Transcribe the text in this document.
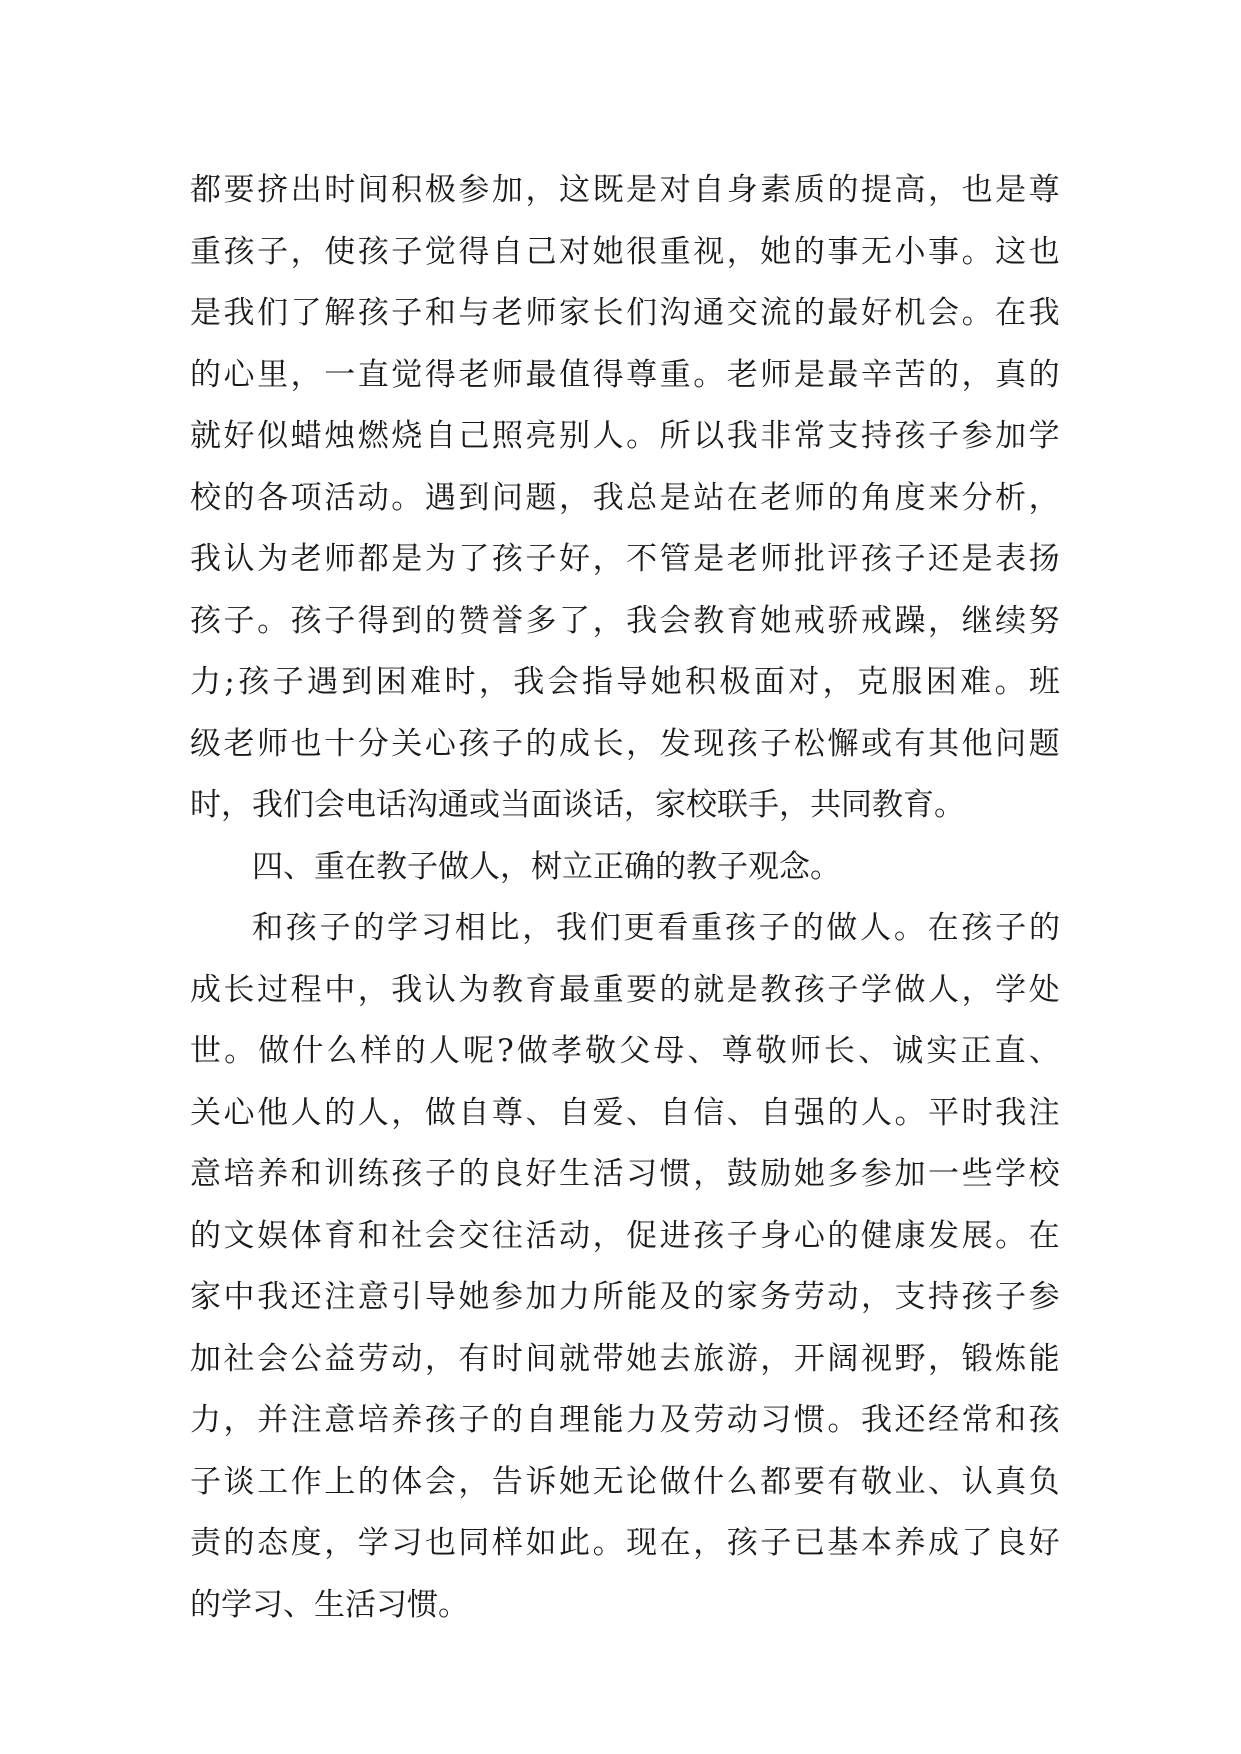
都 要 挤 出 时 间 积 极 参 加 ， 这 既 是 对 自 身 素 质 的 提 高 ， 也 是 尊
重 孩 子 ， 使 孩 子 觉 得 自 己 对 她 很 重 视 ， 她 的 事 无 小 事 。 这 也
是 我 们 了 解 孩 子 和 与 老 师 家 长 们 沟 通 交 流 的 最 好 机 会 。 在 我
的 心 里 ， 一 直 觉 得 老 师 最 值 得 尊 重 。 老 师 是 最 辛 苦 的 ， 真 的
就 好 似 蜡 烛 燃 烧 自 己 照 亮 别 人 。 所 以 我 非 常 支 持 孩 子 参 加 学
校 的 各 项 活 动 。 遇 到 问 题 ， 我 总 是 站 在 老 师 的 角 度 来 分 析 ，
我 认 为 老 师 都 是 为 了 孩 子 好 ， 不 管 是 老 师 批 评 孩 子 还 是 表 扬
孩 子 。 孩 子 得 到 的 赞 誉 多 了 ， 我 会 教 育 她 戒 骄 戒 躁 ， 继 续 努
力 ; 孩 子 遇 到 困 难 时 ， 我 会 指 导 她 积 极 面 对 ， 克 服 困 难 。 班
级 老 师 也 十 分 关 心 孩 子 的 成 长 ， 发 现 孩 子 松 懈 或 有 其 他 问 题
时 ， 我 们 会 电 话 沟 通 或 当 面 谈 话 ， 家 校 联 手 ， 共 同 教 育 。
四 、 重 在 教 子 做 人 ， 树 立 正 确 的 教 子 观 念 。
和 孩 子 的 学 习 相 比 ， 我 们 更 看 重 孩 子 的 做 人 。 在 孩 子 的
成 长 过 程 中 ， 我 认 为 教 育 最 重 要 的 就 是 教 孩 子 学 做 人 ， 学 处
世 。 做 什 么 样 的 人 呢 ? 做 孝 敬 父 母 、 尊 敬 师 长 、 诚 实 正 直 、
关 心 他 人 的 人 ， 做 自 尊 、 自 爱 、 自 信 、 自 强 的 人 。 平 时 我 注
意 培 养 和 训 练 孩 子 的 良 好 生 活 习 惯 ， 鼓 励 她 多 参 加 一 些 学 校
的 文 娱 体 育 和 社 会 交 往 活 动 ， 促 进 孩 子 身 心 的 健 康 发 展 。 在
家 中 我 还 注 意 引 导 她 参 加 力 所 能 及 的 家 务 劳 动 ， 支 持 孩 子 参
加 社 会 公 益 劳 动 ， 有 时 间 就 带 她 去 旅 游 ， 开 阔 视 野 ， 锻 炼 能
力 ， 并 注 意 培 养 孩 子 的 自 理 能 力 及 劳 动 习 惯 。 我 还 经 常 和 孩
子 谈 工 作 上 的 体 会 ， 告 诉 她 无 论 做 什 么 都 要 有 敬 业 、 认 真 负
责 的 态 度 ， 学 习 也 同 样 如 此 。 现 在 ， 孩 子 已 基 本 养 成 了 良 好
的 学 习 、 生 活 习 惯 。
